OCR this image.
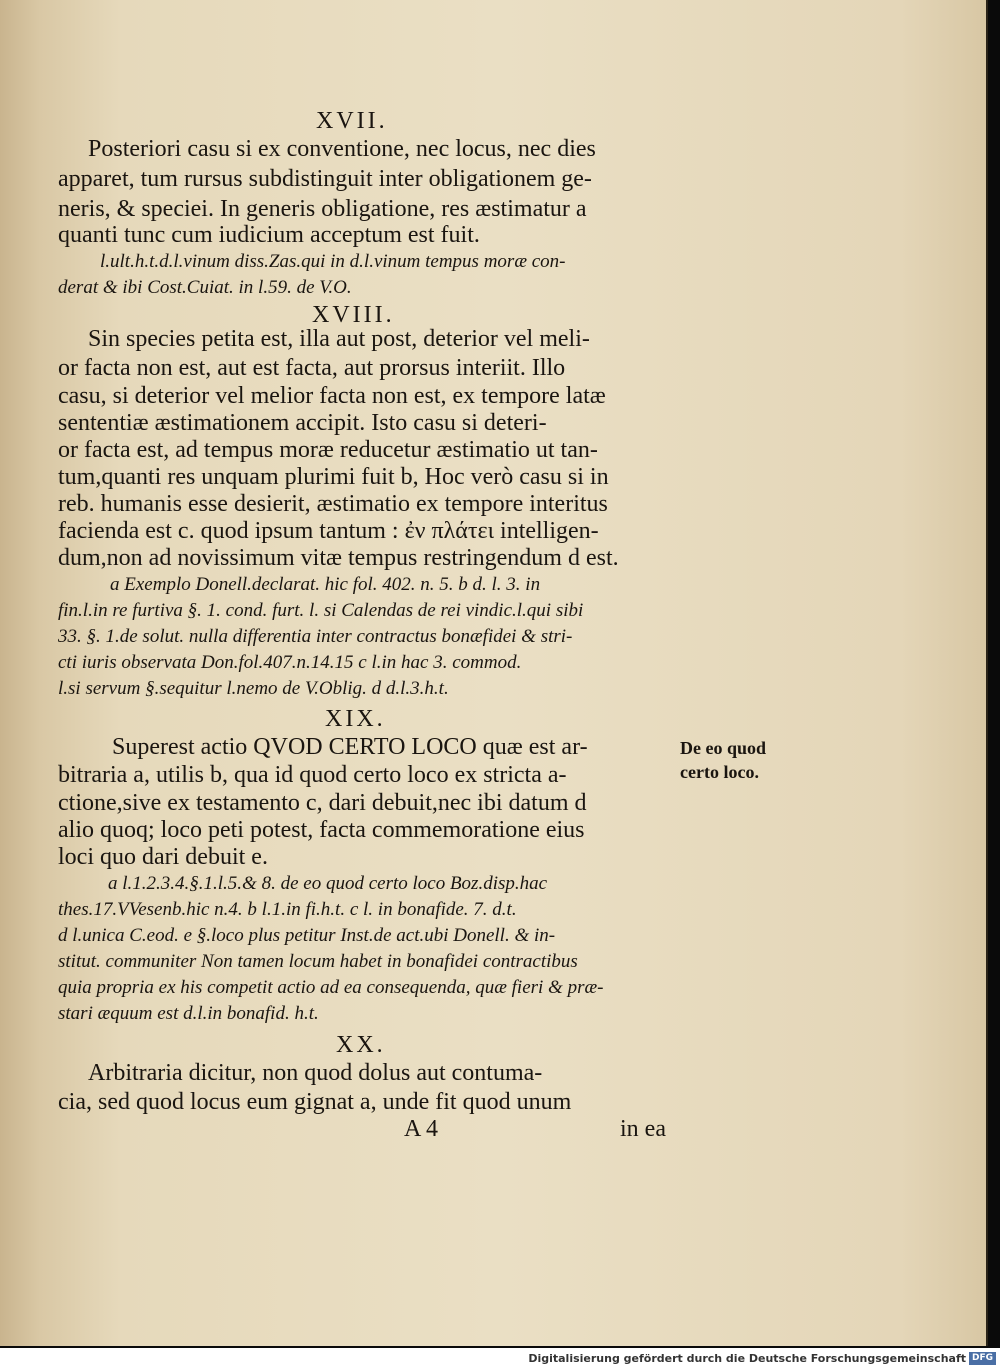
XVII.
Posteriori casu si ex conventione, nec locus, nec dies
apparet, tum rursus subdistinguit inter obligationem ge-
neris, & speciei. In generis obligatione, res æstimatur a
quanti tunc cum iudicium acceptum est fuit.
l.ult.h.t.d.l.vinum diss.Zas.qui in d.l.vinum tempus moræ con-
derat & ibi Cost.Cuiat. in l.59. de V.O.
XVIII.
Sin species petita est, illa aut post, deterior vel meli-
or facta non est, aut est facta, aut prorsus interiit. Illo
casu, si deterior vel melior facta non est, ex tempore latæ
sententiæ æstimationem accipit. Isto casu si deteri-
or facta est, ad tempus moræ reducetur æstimatio ut tan-
tum,quanti res unquam plurimi fuit b, Hoc verò casu si in
reb. humanis esse desierit, æstimatio ex tempore interitus
facienda est c. quod ipsum tantum : ἐν πλάτει intelligen-
dum,non ad novissimum vitæ tempus restringendum d est.
a Exemplo Donell.declarat. hic fol. 402. n. 5. b d. l. 3. in
fin.l.in re furtiva §. 1. cond. furt. l. si Calendas de rei vindic.l.qui sibi
33. §. 1.de solut. nulla differentia inter contractus bonæfidei & stri-
cti iuris observata Don.fol.407.n.14.15 c l.in hac 3. commod.
l.si servum §.sequitur l.nemo de V.Oblig. d d.l.3.h.t.
XIX.
Superest actio QVOD CERTO LOCO quæ est ar-
bitraria a, utilis b, qua id quod certo loco ex stricta a-
ctione,sive ex testamento c, dari debuit,nec ibi datum d
alio quoq; loco peti potest, facta commemoratione eius
loci quo dari debuit e.
a l.1.2.3.4.§.1.l.5.& 8. de eo quod certo loco Boz.disp.hac
thes.17.VVesenb.hic n.4. b l.1.in fi.h.t. c l. in bonafide. 7. d.t.
d l.unica C.eod. e §.loco plus petitur Inst.de act.ubi Donell. & in-
stitut. communiter Non tamen locum habet in bonafidei contractibus
quia propria ex his competit actio ad ea consequenda, quæ fieri & præ-
stari æquum est d.l.in bonafid. h.t.
XX.
Arbitraria dicitur, non quod dolus aut contuma-
cia, sed quod locus eum gignat a, unde fit quod unum
A 4	in ea
De eo quod
certo loco.
Digitalisierung gefördert durch die Deutsche Forschungsgemeinschaft DFG
